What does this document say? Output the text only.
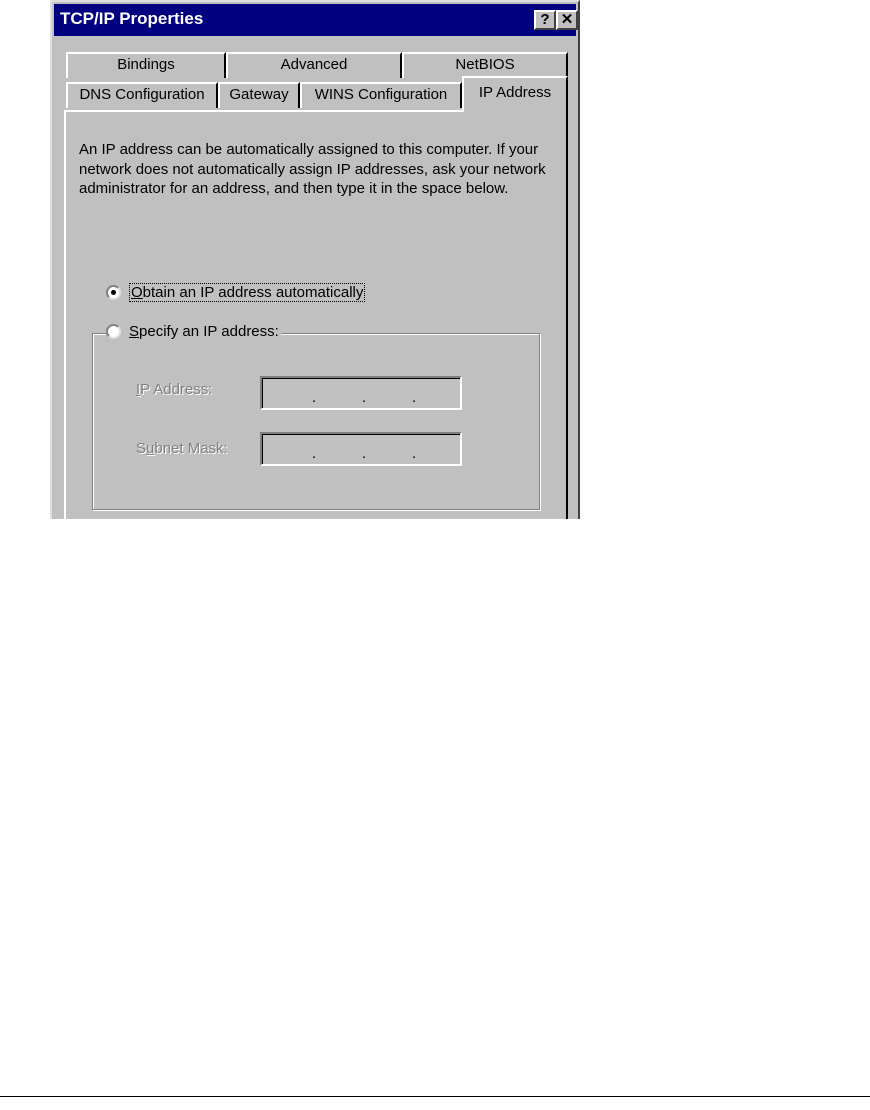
TCP/IP Properties	? ✕
Bindings	Advanced	NetBIOS
DNS Configuration	Gateway	WINS Configuration	IP Address
An IP address can be automatically assigned to this computer. If your network does not automatically assign IP addresses, ask your network administrator for an address, and then type it in the space below.
Obtain an IP address automatically
Specify an IP address:
IP Address:	.	.	.
Subnet Mask:	.	.	.
